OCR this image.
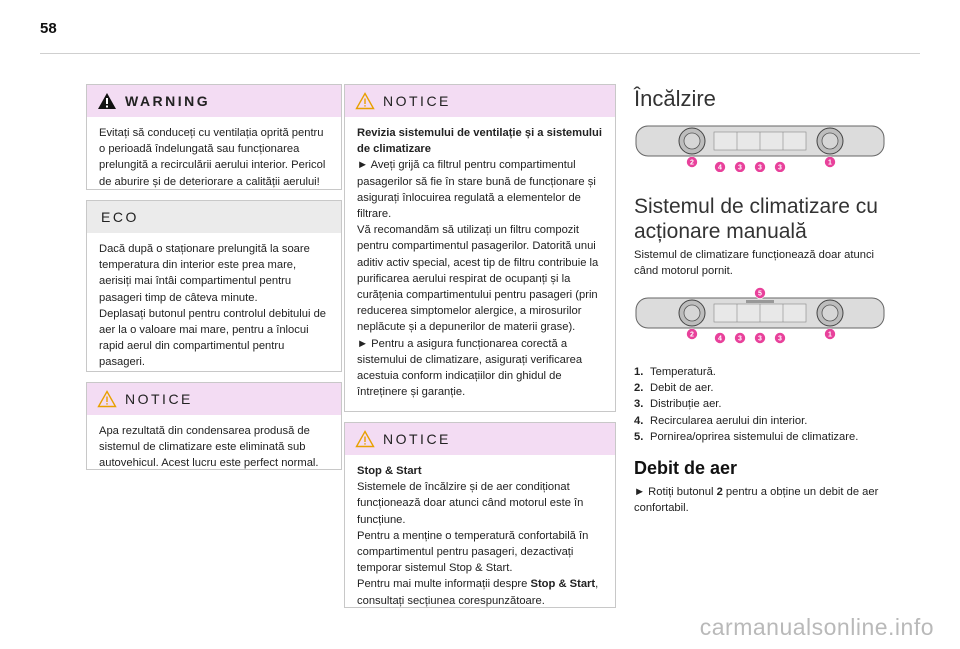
58
WARNING

Evitați să conduceți cu ventilația oprită pentru o perioadă îndelungată sau funcționarea prelungită a recirculării aerului interior. Pericol de aburire și de deteriorare a calității aerului!

ECO

Dacă după o staționare prelungită la soare temperatura din interior este prea mare, aerisiți mai întâi compartimentul pentru pasageri timp de câteva minute.

Deplasați butonul pentru controlul debitului de aer la o valoare mai mare, pentru a înlocui rapid aerul din compartimentul pentru pasageri.

NOTICE

Apa rezultată din condensarea produsă de sistemul de climatizare este eliminată sub autovehicul. Acest lucru este perfect normal.

NOTICE

Revizia sistemului de ventilație și a sistemului de climatizare

► Aveți grijă ca filtrul pentru compartimentul pasagerilor să fie în stare bună de funcționare și asigurați înlocuirea regulată a elementelor de filtrare.

Vă recomandăm să utilizați un filtru compozit pentru compartimentul pasagerilor. Datorită unui aditiv activ special, acest tip de filtru contribuie la purificarea aerului respirat de ocupanți și la curățenia compartimentului pentru pasageri (prin reducerea simptomelor alergice, a mirosurilor neplăcute și a depunerilor de materii grase).

► Pentru a asigura funcționarea corectă a sistemului de climatizare, asigurați verificarea acestuia conform indicațiilor din ghidul de întreținere și garanție.

NOTICE

Stop & Start

Sistemele de încălzire și de aer condiționat funcționează doar atunci când motorul este în funcțiune.

Pentru a menține o temperatură confortabilă în compartimentul pentru pasageri, dezactivați temporar sistemul Stop & Start.

Pentru mai multe informații despre Stop & Start, consultați secțiunea corespunzătoare.

Încălzire
2
4 3 3 3
1
Sistemul de climatizare cu
acționare manuală
Sistemul de climatizare funcționează doar atunci când motorul pornit.
5
2
4 3 3 3
1
1. Temperatură.
2. Debit de aer.
3. Distribuție aer.
4. Recircularea aerului din interior.
5. Pornirea/oprirea sistemului de climatizare.
Debit de aer
► Rotiți butonul 2 pentru a obține un debit de aer confortabil.
carmanualsonline.info
